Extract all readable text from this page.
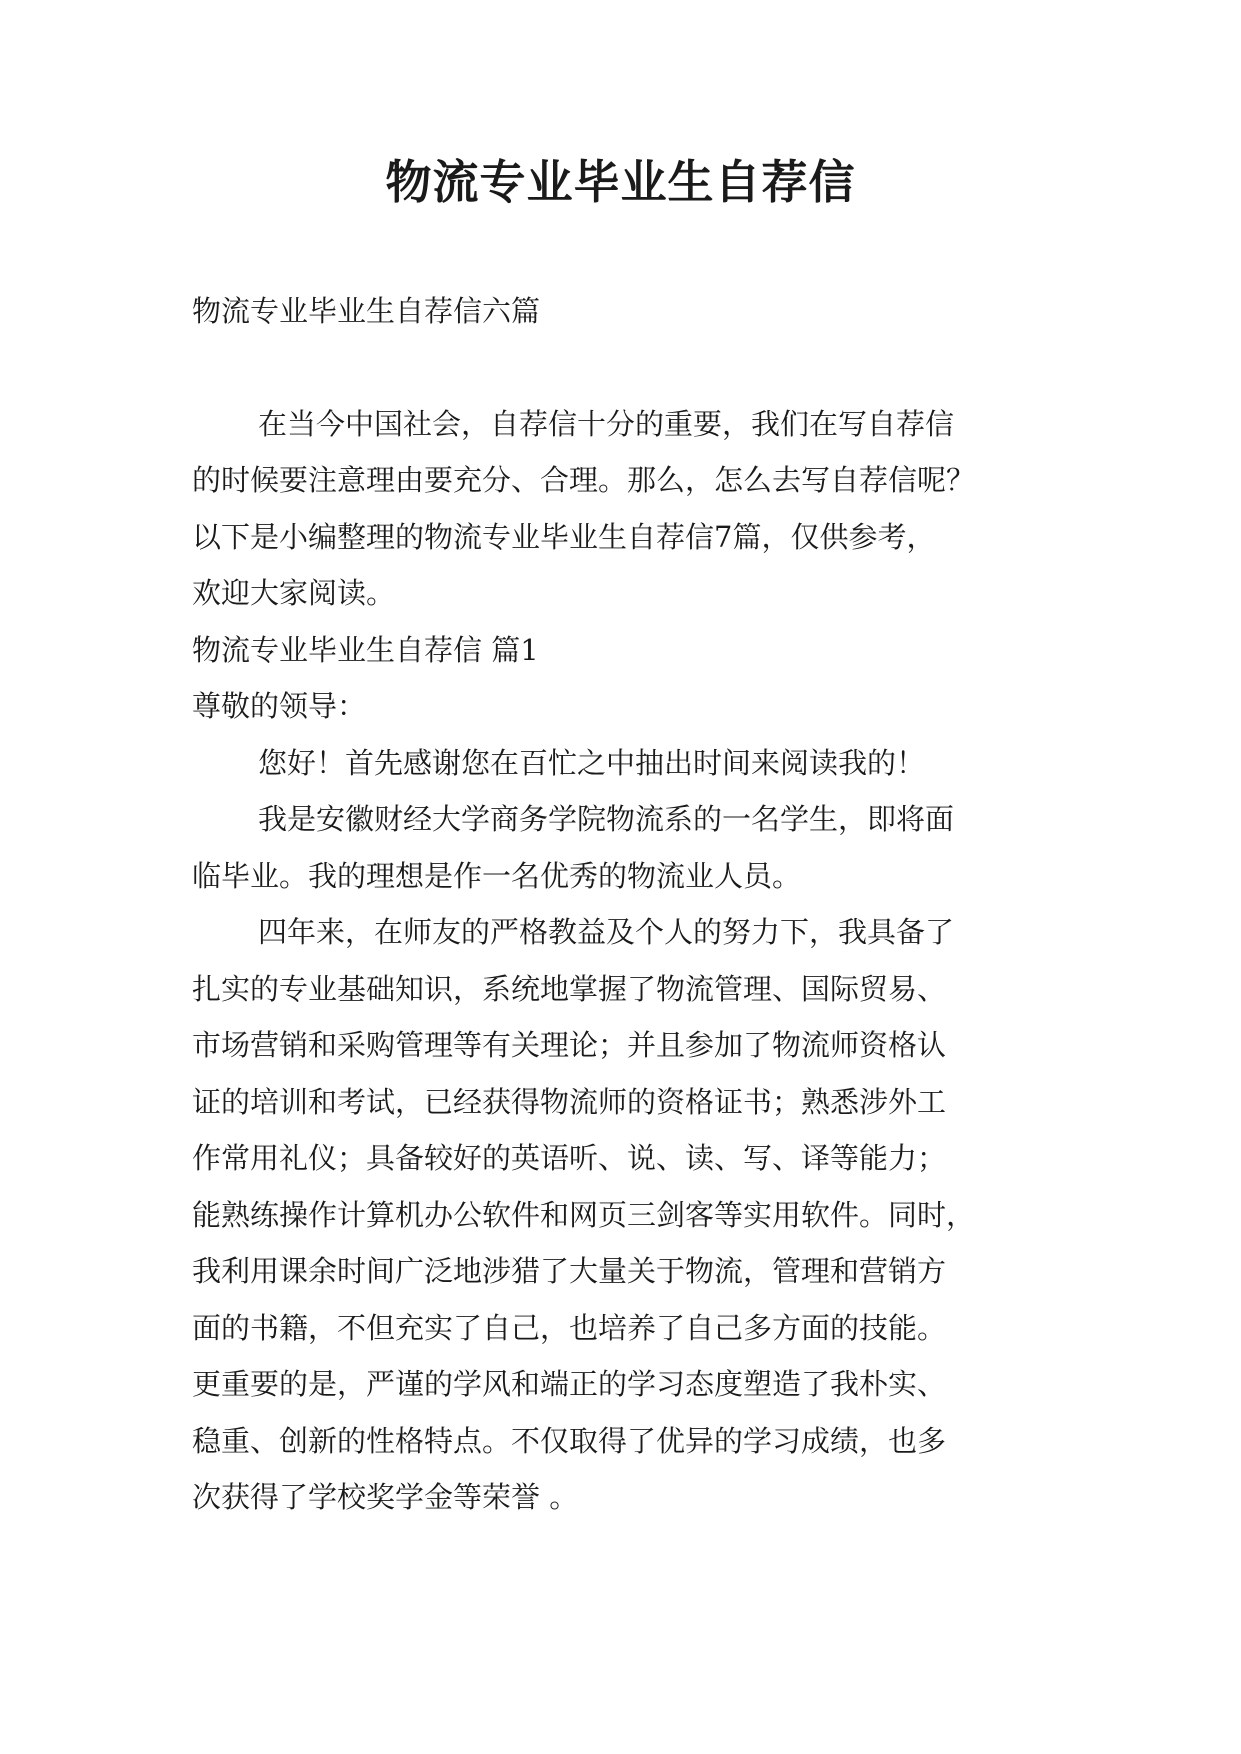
物流专业毕业生自荐信

物流专业毕业生自荐信六篇

在当今中国社会，自荐信十分的重要，我们在写自荐信

的时候要注意理由要充分、合理。那么，怎么去写自荐信呢？

以下是小编整理的物流专业毕业生自荐信7篇，仅供参考，

欢迎大家阅读。

物流专业毕业生自荐信 篇1

尊敬的领导：

您好！首先感谢您在百忙之中抽出时间来阅读我的！

我是安徽财经大学商务学院物流系的一名学生，即将面

临毕业。我的理想是作一名优秀的物流业人员。

四年来，在师友的严格教益及个人的努力下，我具备了

扎实的专业基础知识，系统地掌握了物流管理、国际贸易、

市场营销和采购管理等有关理论；并且参加了物流师资格认

证的培训和考试，已经获得物流师的资格证书；熟悉涉外工

作常用礼仪；具备较好的英语听、说、读、写、译等能力；

能熟练操作计算机办公软件和网页三剑客等实用软件。同时，

我利用课余时间广泛地涉猎了大量关于物流，管理和营销方

面的书籍，不但充实了自己，也培养了自己多方面的技能。

更重要的是，严谨的学风和端正的学习态度塑造了我朴实、

稳重、创新的性格特点。不仅取得了优异的学习成绩，也多

次获得了学校奖学金等荣誉 。
